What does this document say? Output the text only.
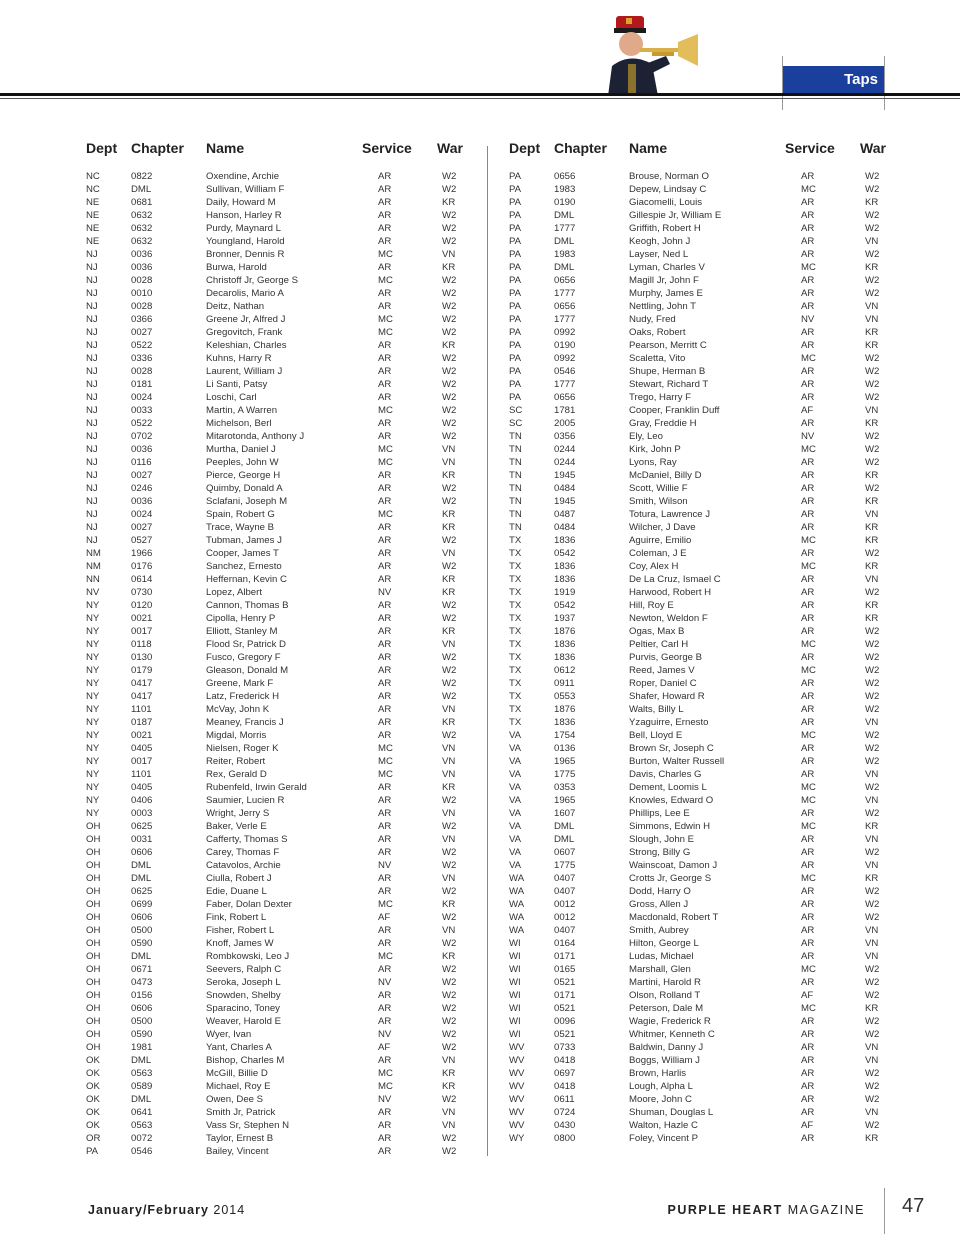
Taps
Dept Chapter Name	Service War
NC	0822	Oxendine, Archie	AR	W2
NC	DML	Sullivan, William F	AR	W2
NE	0681	Daily, Howard M	AR	KR
NE	0632	Hanson, Harley R	AR	W2
NE	0632	Purdy, Maynard L	AR	W2
NE	0632	Youngland, Harold	AR	W2
NJ	0036	Bronner, Dennis R	MC	VN
NJ	0036	Burwa, Harold	AR	KR
NJ	0028	Christoff Jr, George S	MC	W2
NJ	0010	Decarolis, Mario A	AR	W2
NJ	0028	Deitz, Nathan	AR	W2
NJ	0366	Greene Jr, Alfred J	MC	W2
NJ	0027	Gregovitch, Frank	MC	W2
NJ	0522	Keleshian, Charles	AR	KR
NJ	0336	Kuhns, Harry R	AR	W2
NJ	0028	Laurent, William J	AR	W2
NJ	0181	Li Santi, Patsy	AR	W2
NJ	0024	Loschi, Carl	AR	W2
NJ	0033	Martin, A Warren	MC	W2
NJ	0522	Michelson, Berl	AR	W2
NJ	0702	Mitarotonda, Anthony J	AR	W2
NJ	0036	Murtha, Daniel J	MC	VN
NJ	0116	Peeples, John W	MC	VN
NJ	0027	Pierce, George H	AR	KR
NJ	0246	Quimby, Donald A	AR	W2
NJ	0036	Sclafani, Joseph M	AR	W2
NJ	0024	Spain, Robert G	MC	KR
NJ	0027	Trace, Wayne B	AR	KR
NJ	0527	Tubman, James J	AR	W2
NM	1966	Cooper, James T	AR	VN
NM	0176	Sanchez, Ernesto	AR	W2
NN	0614	Heffernan, Kevin C	AR	KR
NV	0730	Lopez, Albert	NV	KR
NY	0120	Cannon, Thomas B	AR	W2
NY	0021	Cipolla, Henry P	AR	W2
NY	0017	Elliott, Stanley M	AR	KR
NY	0118	Flood Sr, Patrick D	AR	VN
NY	0130	Fusco, Gregory F	AR	W2
NY	0179	Gleason, Donald M	AR	W2
NY	0417	Greene, Mark F	AR	W2
NY	0417	Latz, Frederick H	AR	W2
NY	1101	McVay, John K	AR	VN
NY	0187	Meaney, Francis J	AR	KR
NY	0021	Migdal, Morris	AR	W2
NY	0405	Nielsen, Roger K	MC	VN
NY	0017	Reiter, Robert	MC	VN
NY	1101	Rex, Gerald D	MC	VN
NY	0405	Rubenfeld, Irwin Gerald	AR	KR
NY	0406	Saumier, Lucien R	AR	W2
NY	0003	Wright, Jerry S	AR	VN
OH	0625	Baker, Verle E	AR	W2
OH	0031	Cafferty, Thomas S	AR	VN
OH	0606	Carey, Thomas F	AR	W2
OH	DML	Catavolos, Archie	NV	W2
OH	DML	Ciulla, Robert J	AR	VN
OH	0625	Edie, Duane L	AR	W2
OH	0699	Faber, Dolan Dexter	MC	KR
OH	0606	Fink, Robert L	AF	W2
OH	0500	Fisher, Robert L	AR	VN
OH	0590	Knoff, James W	AR	W2
OH	DML	Rombkowski, Leo J	MC	KR
OH	0671	Seevers, Ralph C	AR	W2
OH	0473	Seroka, Joseph L	NV	W2
OH	0156	Snowden, Shelby	AR	W2
OH	0606	Sparacino, Toney	AR	W2
OH	0500	Weaver, Harold E	AR	W2
OH	0590	Wyer, Ivan	NV	W2
OH	1981	Yant, Charles A	AF	W2
OK	DML	Bishop, Charles M	AR	VN
OK	0563	McGill, Billie D	MC	KR
OK	0589	Michael, Roy E	MC	KR
OK	DML	Owen, Dee S	NV	W2
OK	0641	Smith Jr, Patrick	AR	VN
OK	0563	Vass Sr, Stephen N	AR	VN
OR	0072	Taylor, Ernest B	AR	W2
PA	0546	Bailey, Vincent	AR	W2
Dept Chapter Name	Service War
PA	0656	Brouse, Norman O	AR	W2
PA	1983	Depew, Lindsay C	MC	W2
PA	0190	Giacomelli, Louis	AR	KR
PA	DML	Gillespie Jr, William E	AR	W2
PA	1777	Griffith, Robert H	AR	W2
PA	DML	Keogh, John J	AR	VN
PA	1983	Layser, Ned L	AR	W2
PA	DML	Lyman, Charles V	MC	KR
PA	0656	Magill Jr, John F	AR	W2
PA	1777	Murphy, James E	AR	W2
PA	0656	Nettling, John T	AR	VN
PA	1777	Nudy, Fred	NV	VN
PA	0992	Oaks, Robert	AR	KR
PA	0190	Pearson, Merritt C	AR	KR
PA	0992	Scaletta, Vito	MC	W2
PA	0546	Shupe, Herman B	AR	W2
PA	1777	Stewart, Richard T	AR	W2
PA	0656	Trego, Harry F	AR	W2
SC	1781	Cooper, Franklin Duff	AF	VN
SC	2005	Gray, Freddie H	AR	KR
TN	0356	Ely, Leo	NV	W2
TN	0244	Kirk, John P	MC	W2
TN	0244	Lyons, Ray	AR	W2
TN	1945	McDaniel, Billy D	AR	KR
TN	0484	Scott, Willie F	AR	W2
TN	1945	Smith, Wilson	AR	KR
TN	0487	Totura, Lawrence J	AR	VN
TN	0484	Wilcher, J Dave	AR	KR
TX	1836	Aguirre, Emilio	MC	KR
TX	0542	Coleman, J E	AR	W2
TX	1836	Coy, Alex H	MC	KR
TX	1836	De La Cruz, Ismael C	AR	VN
TX	1919	Harwood, Robert H	AR	W2
TX	0542	Hill, Roy E	AR	KR
TX	1937	Newton, Weldon F	AR	KR
TX	1876	Ogas, Max B	AR	W2
TX	1836	Peltier, Carl H	MC	W2
TX	1836	Purvis, George B	AR	W2
TX	0612	Reed, James V	MC	W2
TX	0911	Roper, Daniel C	AR	W2
TX	0553	Shafer, Howard R	AR	W2
TX	1876	Walts, Billy L	AR	W2
TX	1836	Yzaguirre, Ernesto	AR	VN
VA	1754	Bell, Lloyd E	MC	W2
VA	0136	Brown Sr, Joseph C	AR	W2
VA	1965	Burton, Walter Russell	AR	W2
VA	1775	Davis, Charles G	AR	VN
VA	0353	Dement, Loomis L	MC	W2
VA	1965	Knowles, Edward O	MC	VN
VA	1607	Phillips, Lee E	AR	W2
VA	DML	Simmons, Edwin H	MC	KR
VA	DML	Slough, John E	AR	VN
VA	0607	Strong, Billy G	AR	W2
VA	1775	Wainscoat, Damon J	AR	VN
WA	0407	Crotts Jr, George S	MC	KR
WA	0407	Dodd, Harry O	AR	W2
WA	0012	Gross, Allen J	AR	W2
WA	0012	Macdonald, Robert T	AR	W2
WA	0407	Smith, Aubrey	AR	VN
WI	0164	Hilton, George L	AR	VN
WI	0171	Ludas, Michael	AR	VN
WI	0165	Marshall, Glen	MC	W2
WI	0521	Martini, Harold R	AR	W2
WI	0171	Olson, Rolland T	AF	W2
WI	0521	Peterson, Dale M	MC	KR
WI	0096	Wagie, Frederick R	AR	W2
WI	0521	Whitmer, Kenneth C	AR	W2
WV	0733	Baldwin, Danny J	AR	VN
WV	0418	Boggs, William J	AR	VN
WV	0697	Brown, Harlis	AR	W2
WV	0418	Lough, Alpha L	AR	W2
WV	0611	Moore, John C	AR	W2
WV	0724	Shuman, Douglas L	AR	VN
WV	0430	Walton, Hazle C	AF	W2
WY	0800	Foley, Vincent P	AR	KR
January/February 2014	PURPLE HEART MAGAZINE 47
